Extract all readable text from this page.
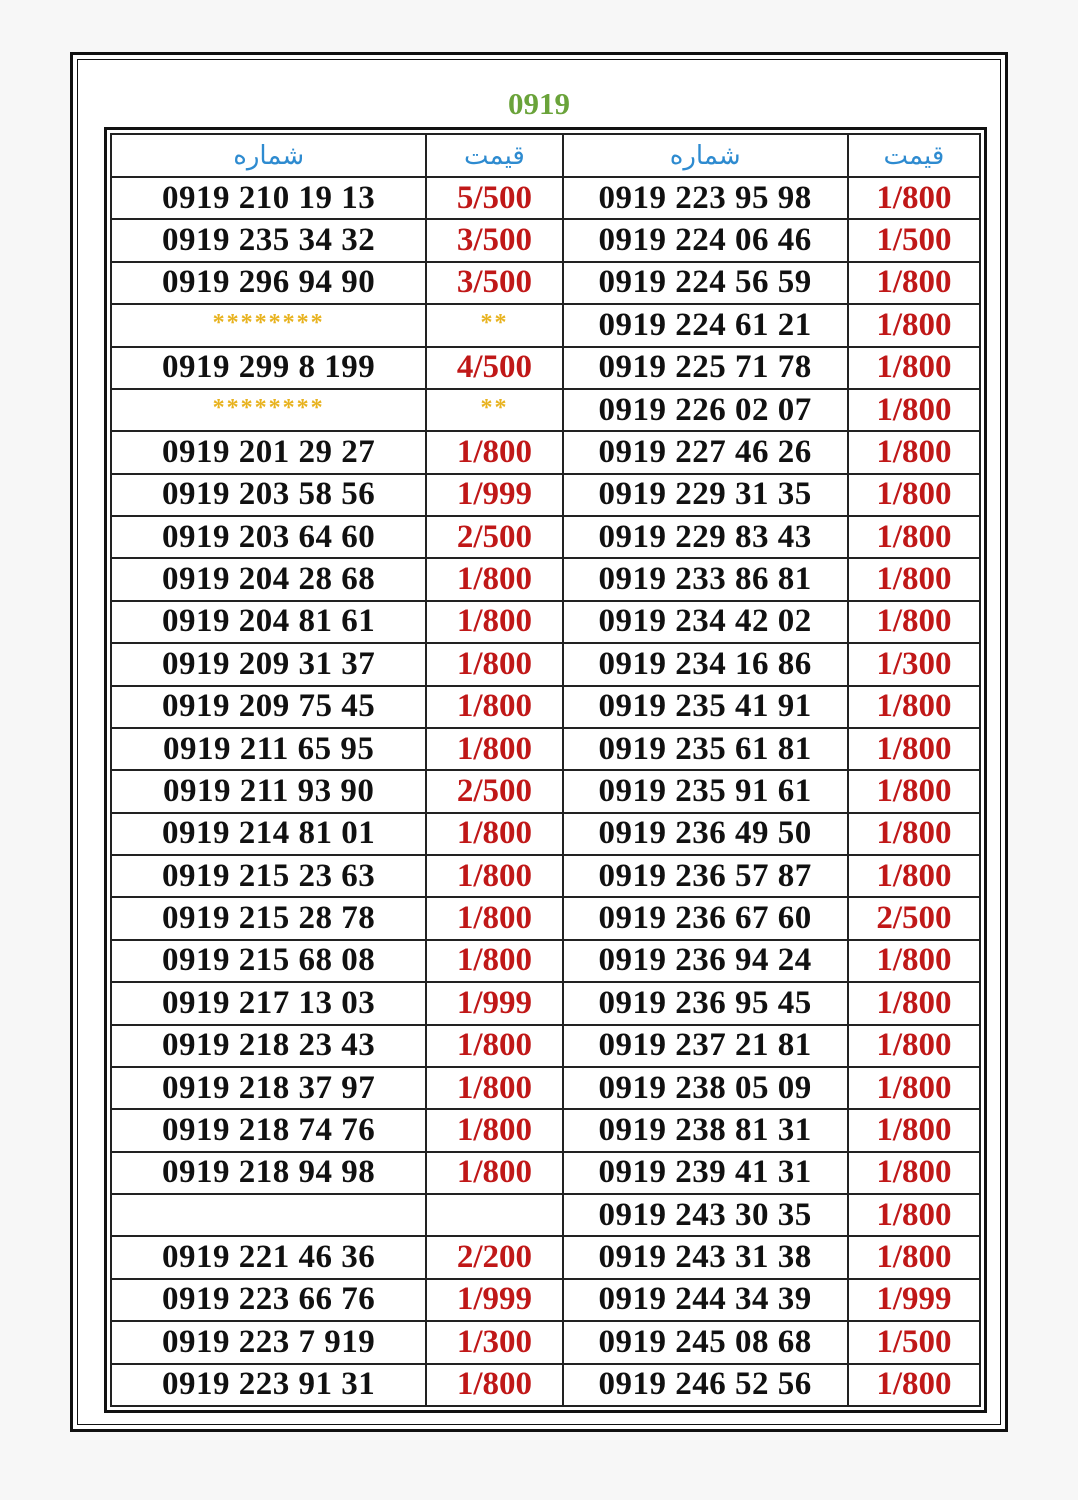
0919
شماره	قیمت	شماره	قیمت
0919 210 19 13	5/500	0919 223 95 98	1/800
0919 235 34 32	3/500	0919 224 06 46	1/500
0919 296 94 90	3/500	0919 224 56 59	1/800
********	**	0919 224 61 21	1/800
0919 299 8 199	4/500	0919 225 71 78	1/800
********	**	0919 226 02 07	1/800
0919 201 29 27	1/800	0919 227 46 26	1/800
0919 203 58 56	1/999	0919 229 31 35	1/800
0919 203 64 60	2/500	0919 229 83 43	1/800
0919 204 28 68	1/800	0919 233 86 81	1/800
0919 204 81 61	1/800	0919 234 42 02	1/800
0919 209 31 37	1/800	0919 234 16 86	1/300
0919 209 75 45	1/800	0919 235 41 91	1/800
0919 211 65 95	1/800	0919 235 61 81	1/800
0919 211 93 90	2/500	0919 235 91 61	1/800
0919 214 81 01	1/800	0919 236 49 50	1/800
0919 215 23 63	1/800	0919 236 57 87	1/800
0919 215 28 78	1/800	0919 236 67 60	2/500
0919 215 68 08	1/800	0919 236 94 24	1/800
0919 217 13 03	1/999	0919 236 95 45	1/800
0919 218 23 43	1/800	0919 237 21 81	1/800
0919 218 37 97	1/800	0919 238 05 09	1/800
0919 218 74 76	1/800	0919 238 81 31	1/800
0919 218 94 98	1/800	0919 239 41 31	1/800
		0919 243 30 35	1/800
0919 221 46 36	2/200	0919 243 31 38	1/800
0919 223 66 76	1/999	0919 244 34 39	1/999
0919 223 7 919	1/300	0919 245 08 68	1/500
0919 223 91 31	1/800	0919 246 52 56	1/800
